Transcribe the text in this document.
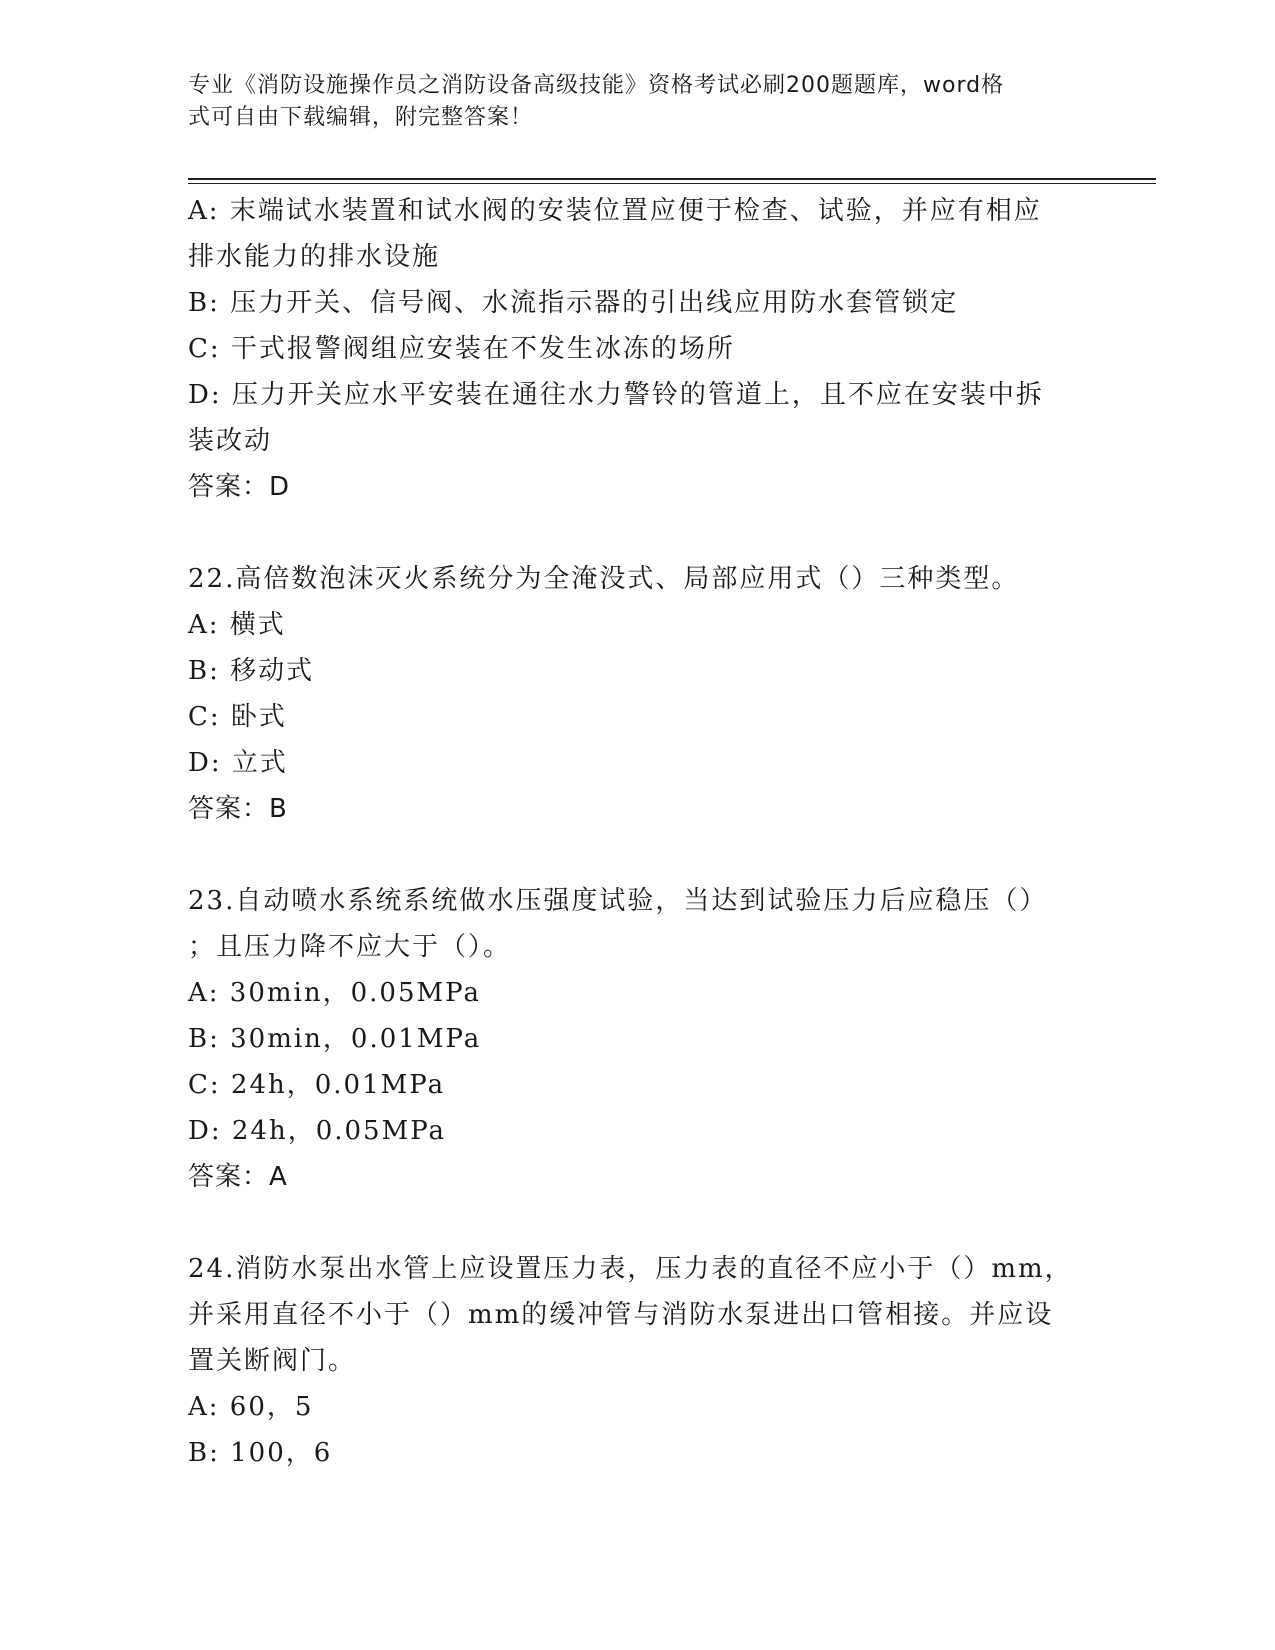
专业《消防设施操作员之消防设备高级技能》资格考试必刷200题题库，word格
式可自由下载编辑，附完整答案！
A: 末端试水装置和试水阀的安装位置应便于检查、试验，并应有相应
排水能力的排水设施
B: 压力开关、信号阀、水流指示器的引出线应用防水套管锁定
C: 干式报警阀组应安装在不发生冰冻的场所
D: 压力开关应水平安装在通往水力警铃的管道上，且不应在安装中拆
装改动
答案：D
22.高倍数泡沫灭火系统分为全淹没式、局部应用式（）三种类型。
A: 横式
B: 移动式
C: 卧式
D: 立式
答案：B
23.自动喷水系统系统做水压强度试验，当达到试验压力后应稳压（）
；且压力降不应大于（）。
A: 30min，0.05MPa
B: 30min，0.01MPa
C: 24h，0.01MPa
D: 24h，0.05MPa
答案：A
24.消防水泵出水管上应设置压力表，压力表的直径不应小于（）mm，
并采用直径不小于（）mm的缓冲管与消防水泵进出口管相接。并应设
置关断阀门。
A: 60，5
B: 100，6
